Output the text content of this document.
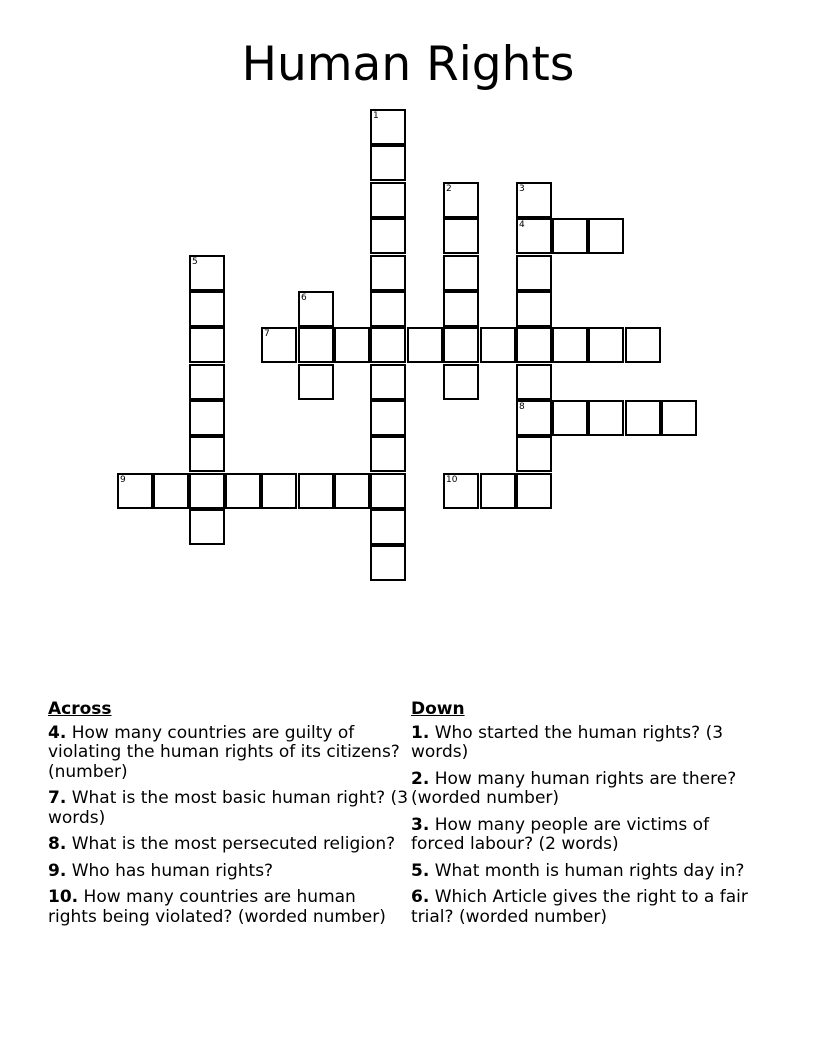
Human Rights
1
2	3
4
8
5
6
7
9	10
Across
4. How many countries are guilty of violating the human rights of its citizens? (number)
7. What is the most basic human right? (3 words)
8. What is the most persecuted religion?
9. Who has human rights?
10. How many countries are human rights being violated? (worded number)
Down
1. Who started the human rights? (3 words)
2. How many human rights are there? (worded number)
3. How many people are victims of forced labour? (2 words)
5. What month is human rights day in?
6. Which Article gives the right to a fair trial? (worded number)
